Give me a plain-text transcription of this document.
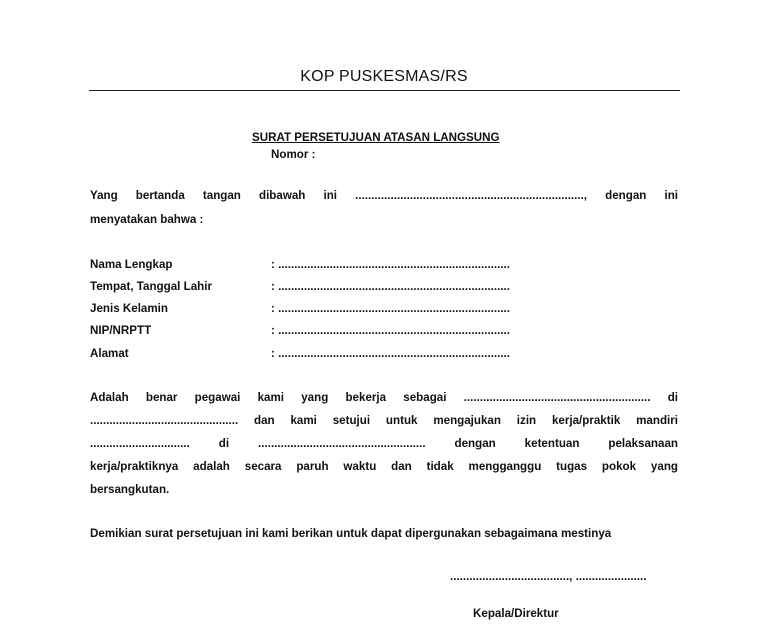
KOP PUSKESMAS/RS
SURAT PERSETUJUAN ATASAN LANGSUNG
Nomor :
Yang bertanda tangan dibawah ini ......................................................................., dengan ini
menyatakan bahwa :
Nama Lengkap	: ........................................................................
Tempat, Tanggal Lahir	: ........................................................................
Jenis Kelamin	: ........................................................................
NIP/NRPTT	: ........................................................................
Alamat	: ........................................................................
Adalah benar pegawai kami yang bekerja sebagai .......................................................... di
.............................................. dan kami setujui untuk mengajukan izin kerja/praktik mandiri
............................... di .................................................... dengan ketentuan pelaksanaan
kerja/praktiknya adalah secara paruh waktu dan tidak mengganggu tugas pokok yang
bersangkutan.
Demikian surat persetujuan ini kami berikan untuk dapat dipergunakan sebagaimana mestinya
....................................., ......................
Kepala/Direktur
